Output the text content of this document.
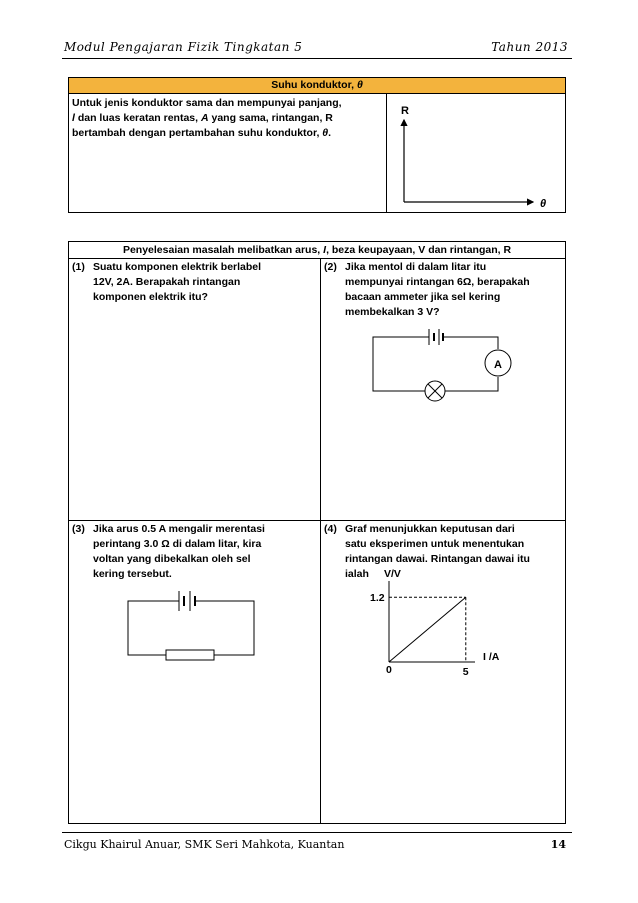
Modul Pengajaran Fizik Tingkatan 5	Tahun 2013
Suhu konduktor, θ
Untuk jenis konduktor sama dan mempunyai panjang,
l dan luas keratan rentas, A yang sama, rintangan, R
bertambah dengan pertambahan suhu konduktor, θ.
R
θ
Penyelesaian masalah melibatkan arus, I, beza keupayaan, V dan rintangan, R
(1) Suatu komponen elektrik berlabel
12V, 2A. Berapakah rintangan
komponen elektrik itu?
(2) Jika mentol di dalam litar itu
mempunyai rintangan 6Ω, berapakah
bacaan ammeter jika sel kering
membekalkan 3 V?
A
(3) Jika arus 0.5 A mengalir merentasi
perintang 3.0 Ω di dalam litar, kira
voltan yang dibekalkan oleh sel
kering tersebut.
(4) Graf menunjukkan keputusan dari
satu eksperimen untuk menentukan
rintangan dawai. Rintangan dawai itu
ialah	V/V
I /A
0	5
1.2
Cikgu Khairul Anuar, SMK Seri Mahkota, Kuantan	14
